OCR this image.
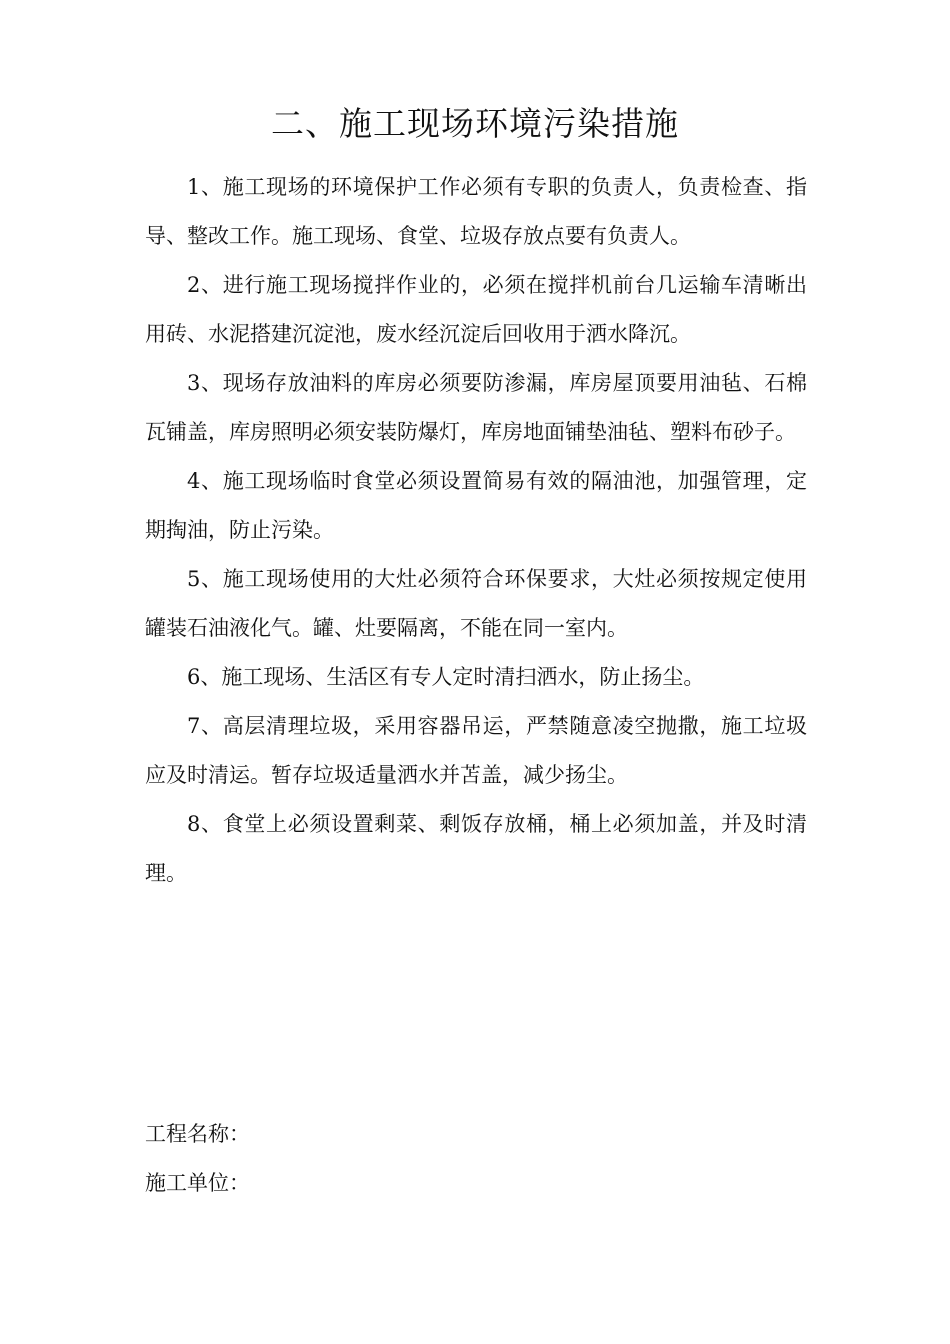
二、施工现场环境污染措施

1、施工现场的环境保护工作必须有专职的负责人，负责检查、指导、整改工作。施工现场、食堂、垃圾存放点要有负责人。

2、进行施工现场搅拌作业的，必须在搅拌机前台几运输车清晰出用砖、水泥搭建沉淀池，废水经沉淀后回收用于洒水降沉。

3、现场存放油料的库房必须要防渗漏，库房屋顶要用油毡、石棉瓦铺盖，库房照明必须安装防爆灯，库房地面铺垫油毡、塑料布砂子。

4、施工现场临时食堂必须设置简易有效的隔油池，加强管理，定期掏油，防止污染。

5、施工现场使用的大灶必须符合环保要求，大灶必须按规定使用罐装石油液化气。罐、灶要隔离，不能在同一室内。

6、施工现场、生活区有专人定时清扫洒水，防止扬尘。

7、高层清理垃圾，采用容器吊运，严禁随意凌空抛撒，施工垃圾应及时清运。暂存垃圾适量洒水并苫盖，减少扬尘。

8、食堂上必须设置剩菜、剩饭存放桶，桶上必须加盖，并及时清理。

工程名称：

施工单位：
